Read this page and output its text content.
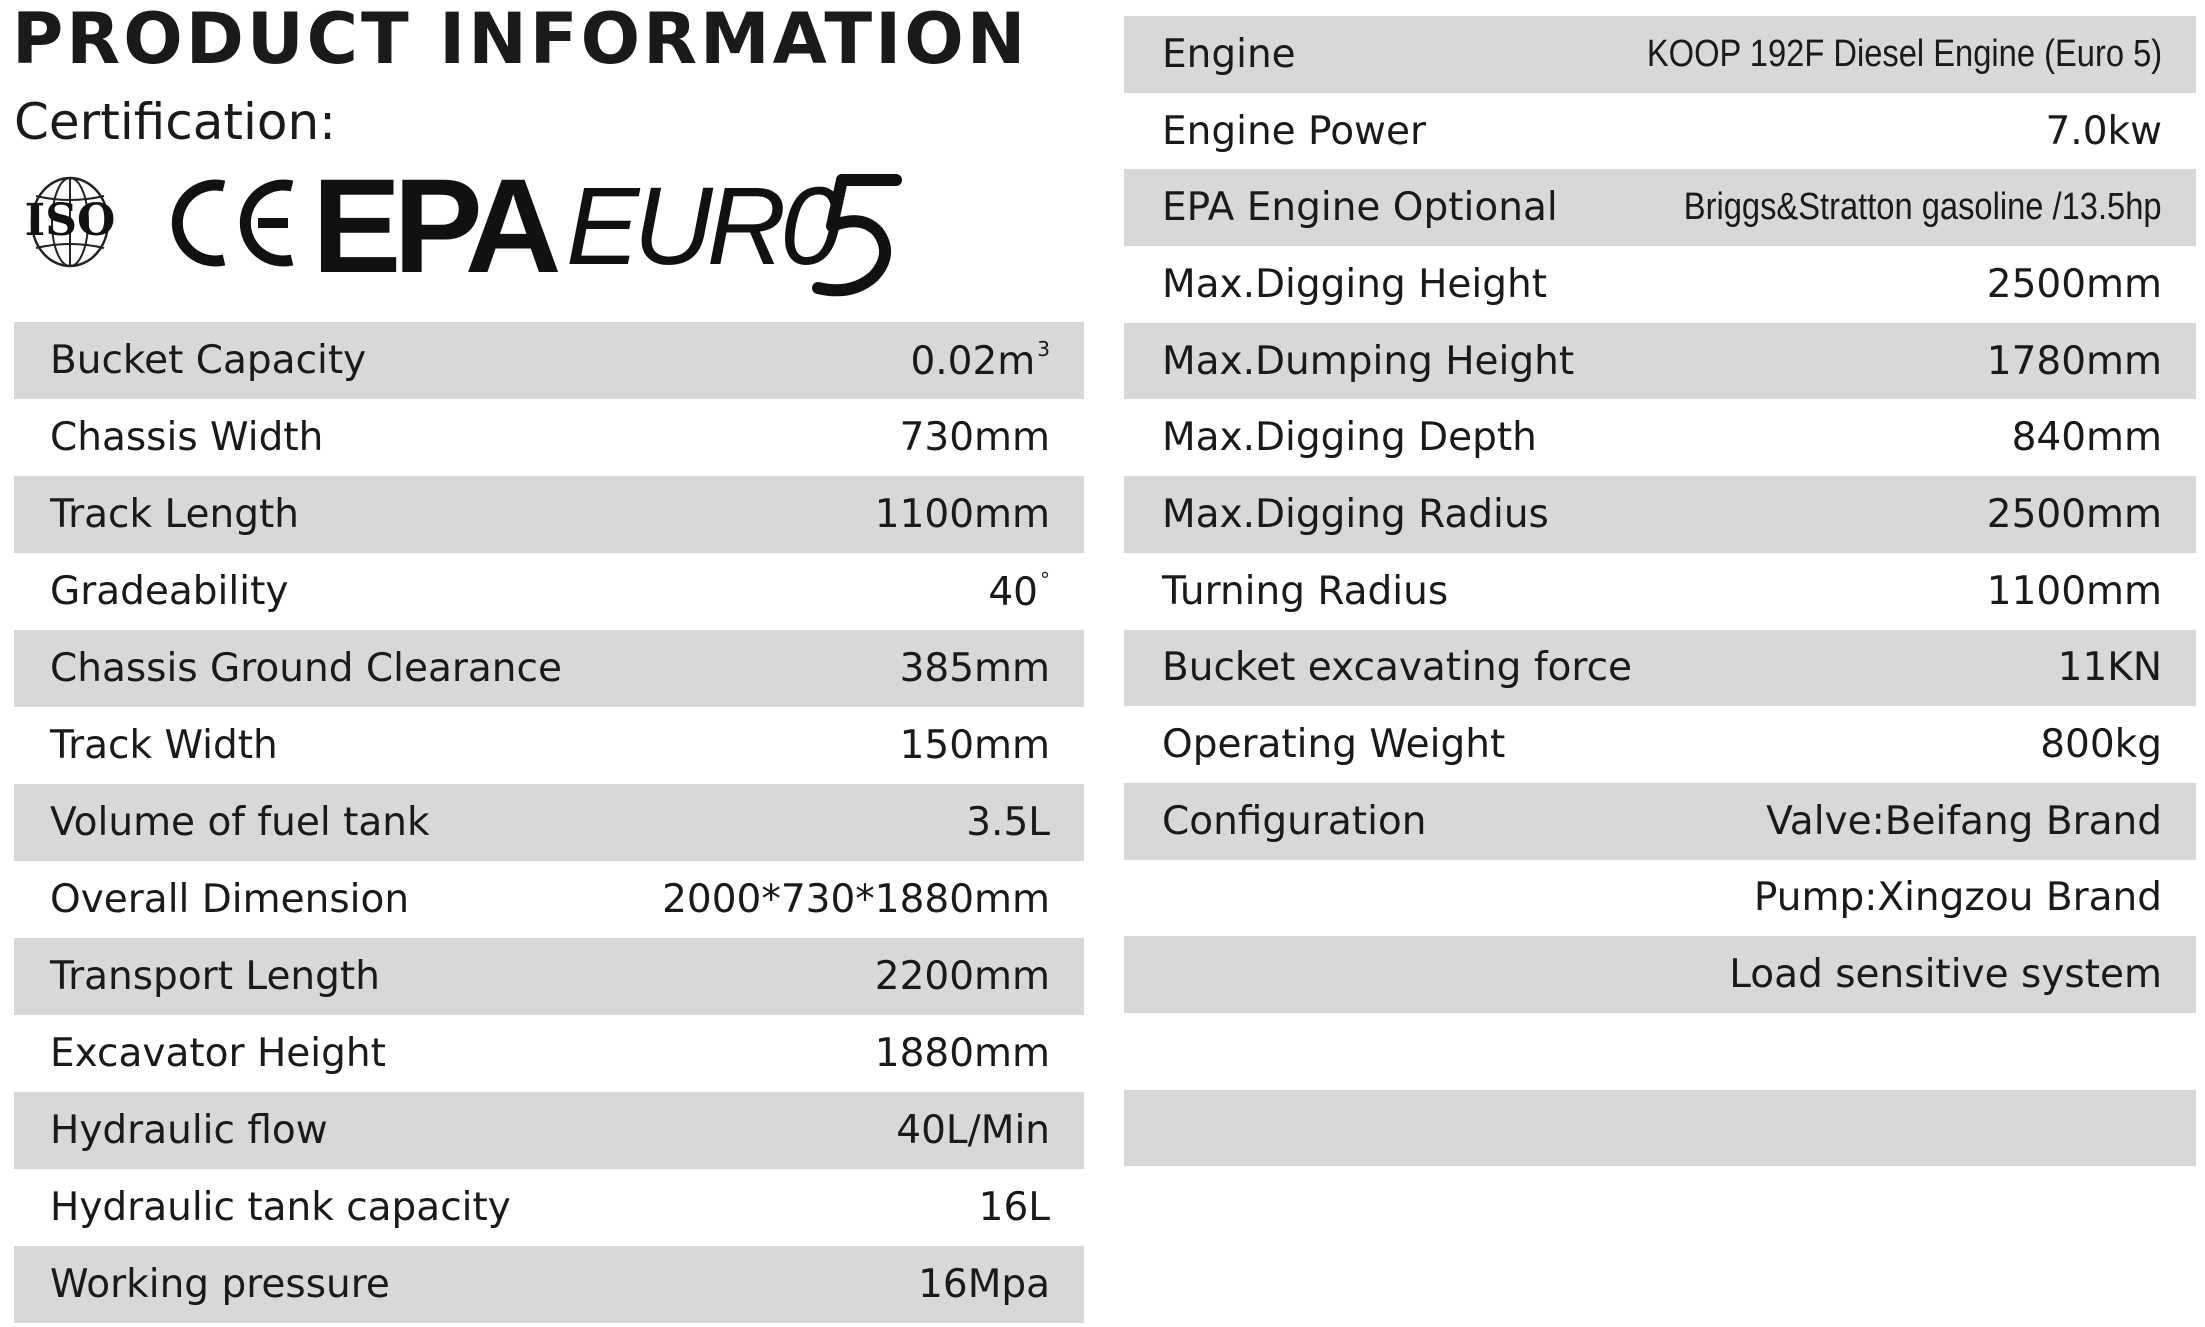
PRODUCT INFORMATION
Certification:
ISO EPA EUR0
Bucket Capacity	0.02m $^3$
Chassis Width	730mm
Track Length	1100mm
Gradeability	40 °
Chassis Ground Clearance	385mm
Track Width	150mm
Volume of fuel tank	3.5L
Overall Dimension	2000*730*1880mm
Transport Length	2200mm
Excavator Height	1880mm
Hydraulic flow	40L/Min
Hydraulic tank capacity	16L
Working pressure	16Mpa
Engine	KOOP 192F Diesel Engine (Euro 5)
Engine Power	7.0kw
EPA Engine Optional	Briggs&Stratton gasoline /13.5hp
Max.Digging Height	2500mm
Max.Dumping Height	1780mm
Max.Digging Depth	840mm
Max.Digging Radius	2500mm
Turning Radius	1100mm
Bucket excavating force	11KN
Operating Weight	800kg
Configuration	Valve:Beifang Brand
Pump:Xingzou Brand
Load sensitive system
